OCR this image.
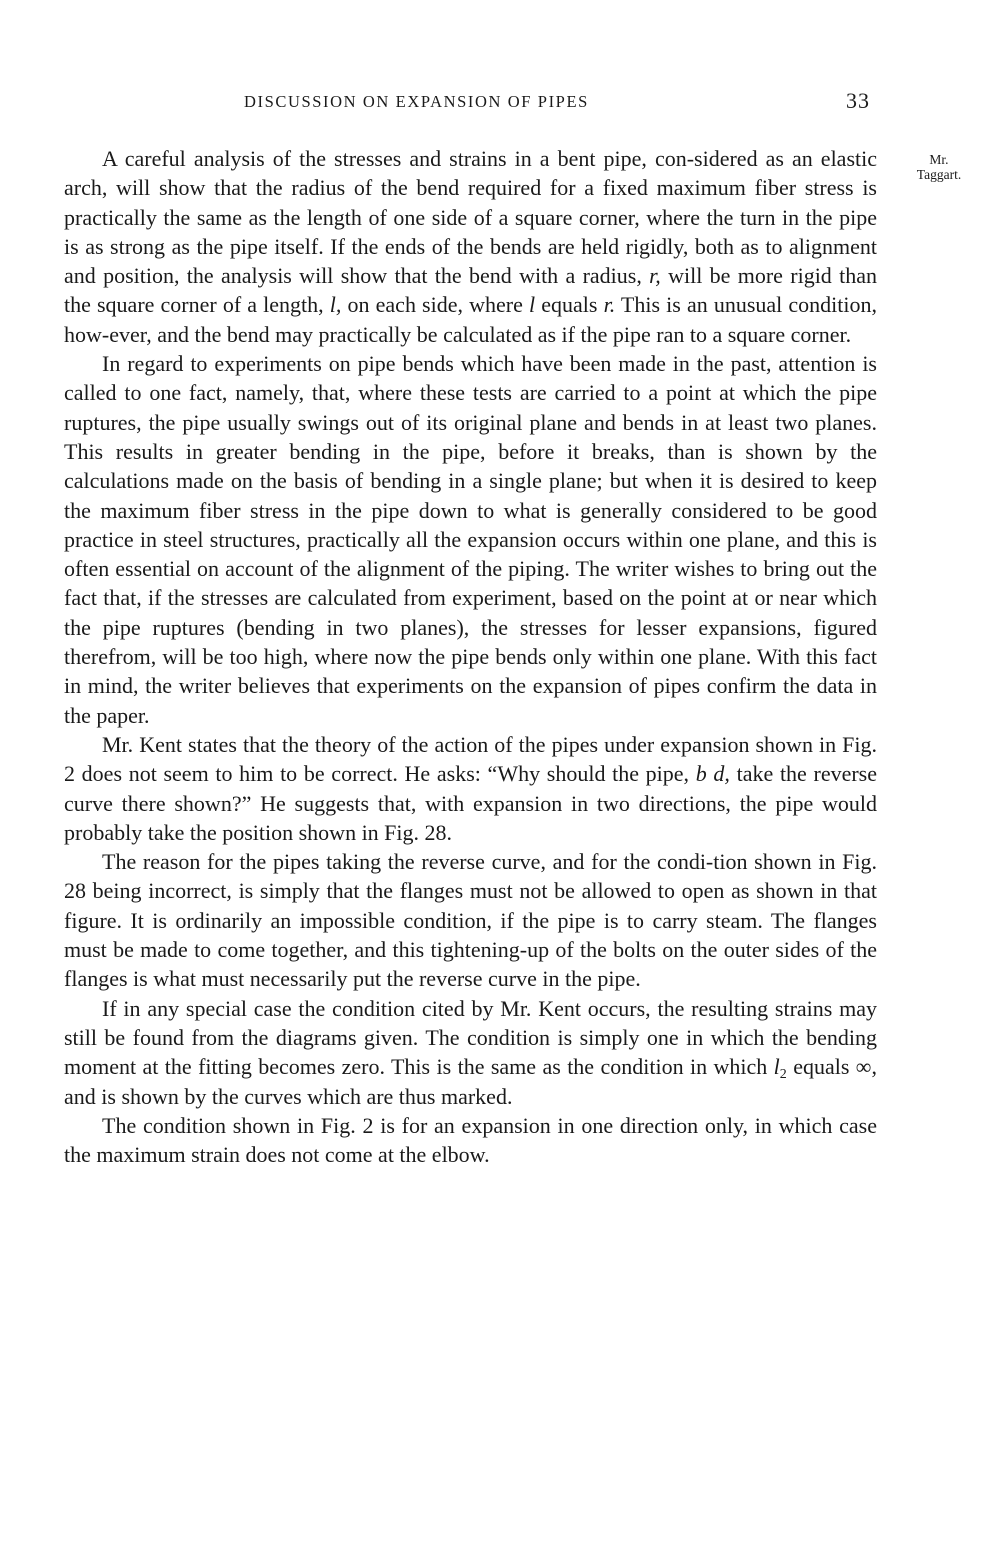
DISCUSSION ON EXPANSION OF PIPES	33
Mr.
Taggart.

A careful analysis of the stresses and strains in a bent pipe, con-sidered as an elastic arch, will show that the radius of the bend required for a fixed maximum fiber stress is practically the same as the length of one side of a square corner, where the turn in the pipe is as strong as the pipe itself. If the ends of the bends are held rigidly, both as to alignment and position, the analysis will show that the bend with a radius, r, will be more rigid than the square corner of a length, l, on each side, where l equals r. This is an unusual condition, how-ever, and the bend may practically be calculated as if the pipe ran to a square corner.

In regard to experiments on pipe bends which have been made in the past, attention is called to one fact, namely, that, where these tests are carried to a point at which the pipe ruptures, the pipe usually swings out of its original plane and bends in at least two planes. This results in greater bending in the pipe, before it breaks, than is shown by the calculations made on the basis of bending in a single plane; but when it is desired to keep the maximum fiber stress in the pipe down to what is generally considered to be good practice in steel structures, practically all the expansion occurs within one plane, and this is often essential on account of the alignment of the piping. The writer wishes to bring out the fact that, if the stresses are calculated from experiment, based on the point at or near which the pipe ruptures (bending in two planes), the stresses for lesser expansions, figured therefrom, will be too high, where now the pipe bends only within one plane. With this fact in mind, the writer believes that experiments on the expansion of pipes confirm the data in the paper.

Mr. Kent states that the theory of the action of the pipes under expansion shown in Fig. 2 does not seem to him to be correct. He asks: “Why should the pipe, b d, take the reverse curve there shown?” He suggests that, with expansion in two directions, the pipe would probably take the position shown in Fig. 28.

The reason for the pipes taking the reverse curve, and for the condi-tion shown in Fig. 28 being incorrect, is simply that the flanges must not be allowed to open as shown in that figure. It is ordinarily an impossible condition, if the pipe is to carry steam. The flanges must be made to come together, and this tightening-up of the bolts on the outer sides of the flanges is what must necessarily put the reverse curve in the pipe.

If in any special case the condition cited by Mr. Kent occurs, the resulting strains may still be found from the diagrams given. The condition is simply one in which the bending moment at the fitting becomes zero. This is the same as the condition in which $l_2$ equals ∞, and is shown by the curves which are thus marked.

The condition shown in Fig. 2 is for an expansion in one direction only, in which case the maximum strain does not come at the elbow.
